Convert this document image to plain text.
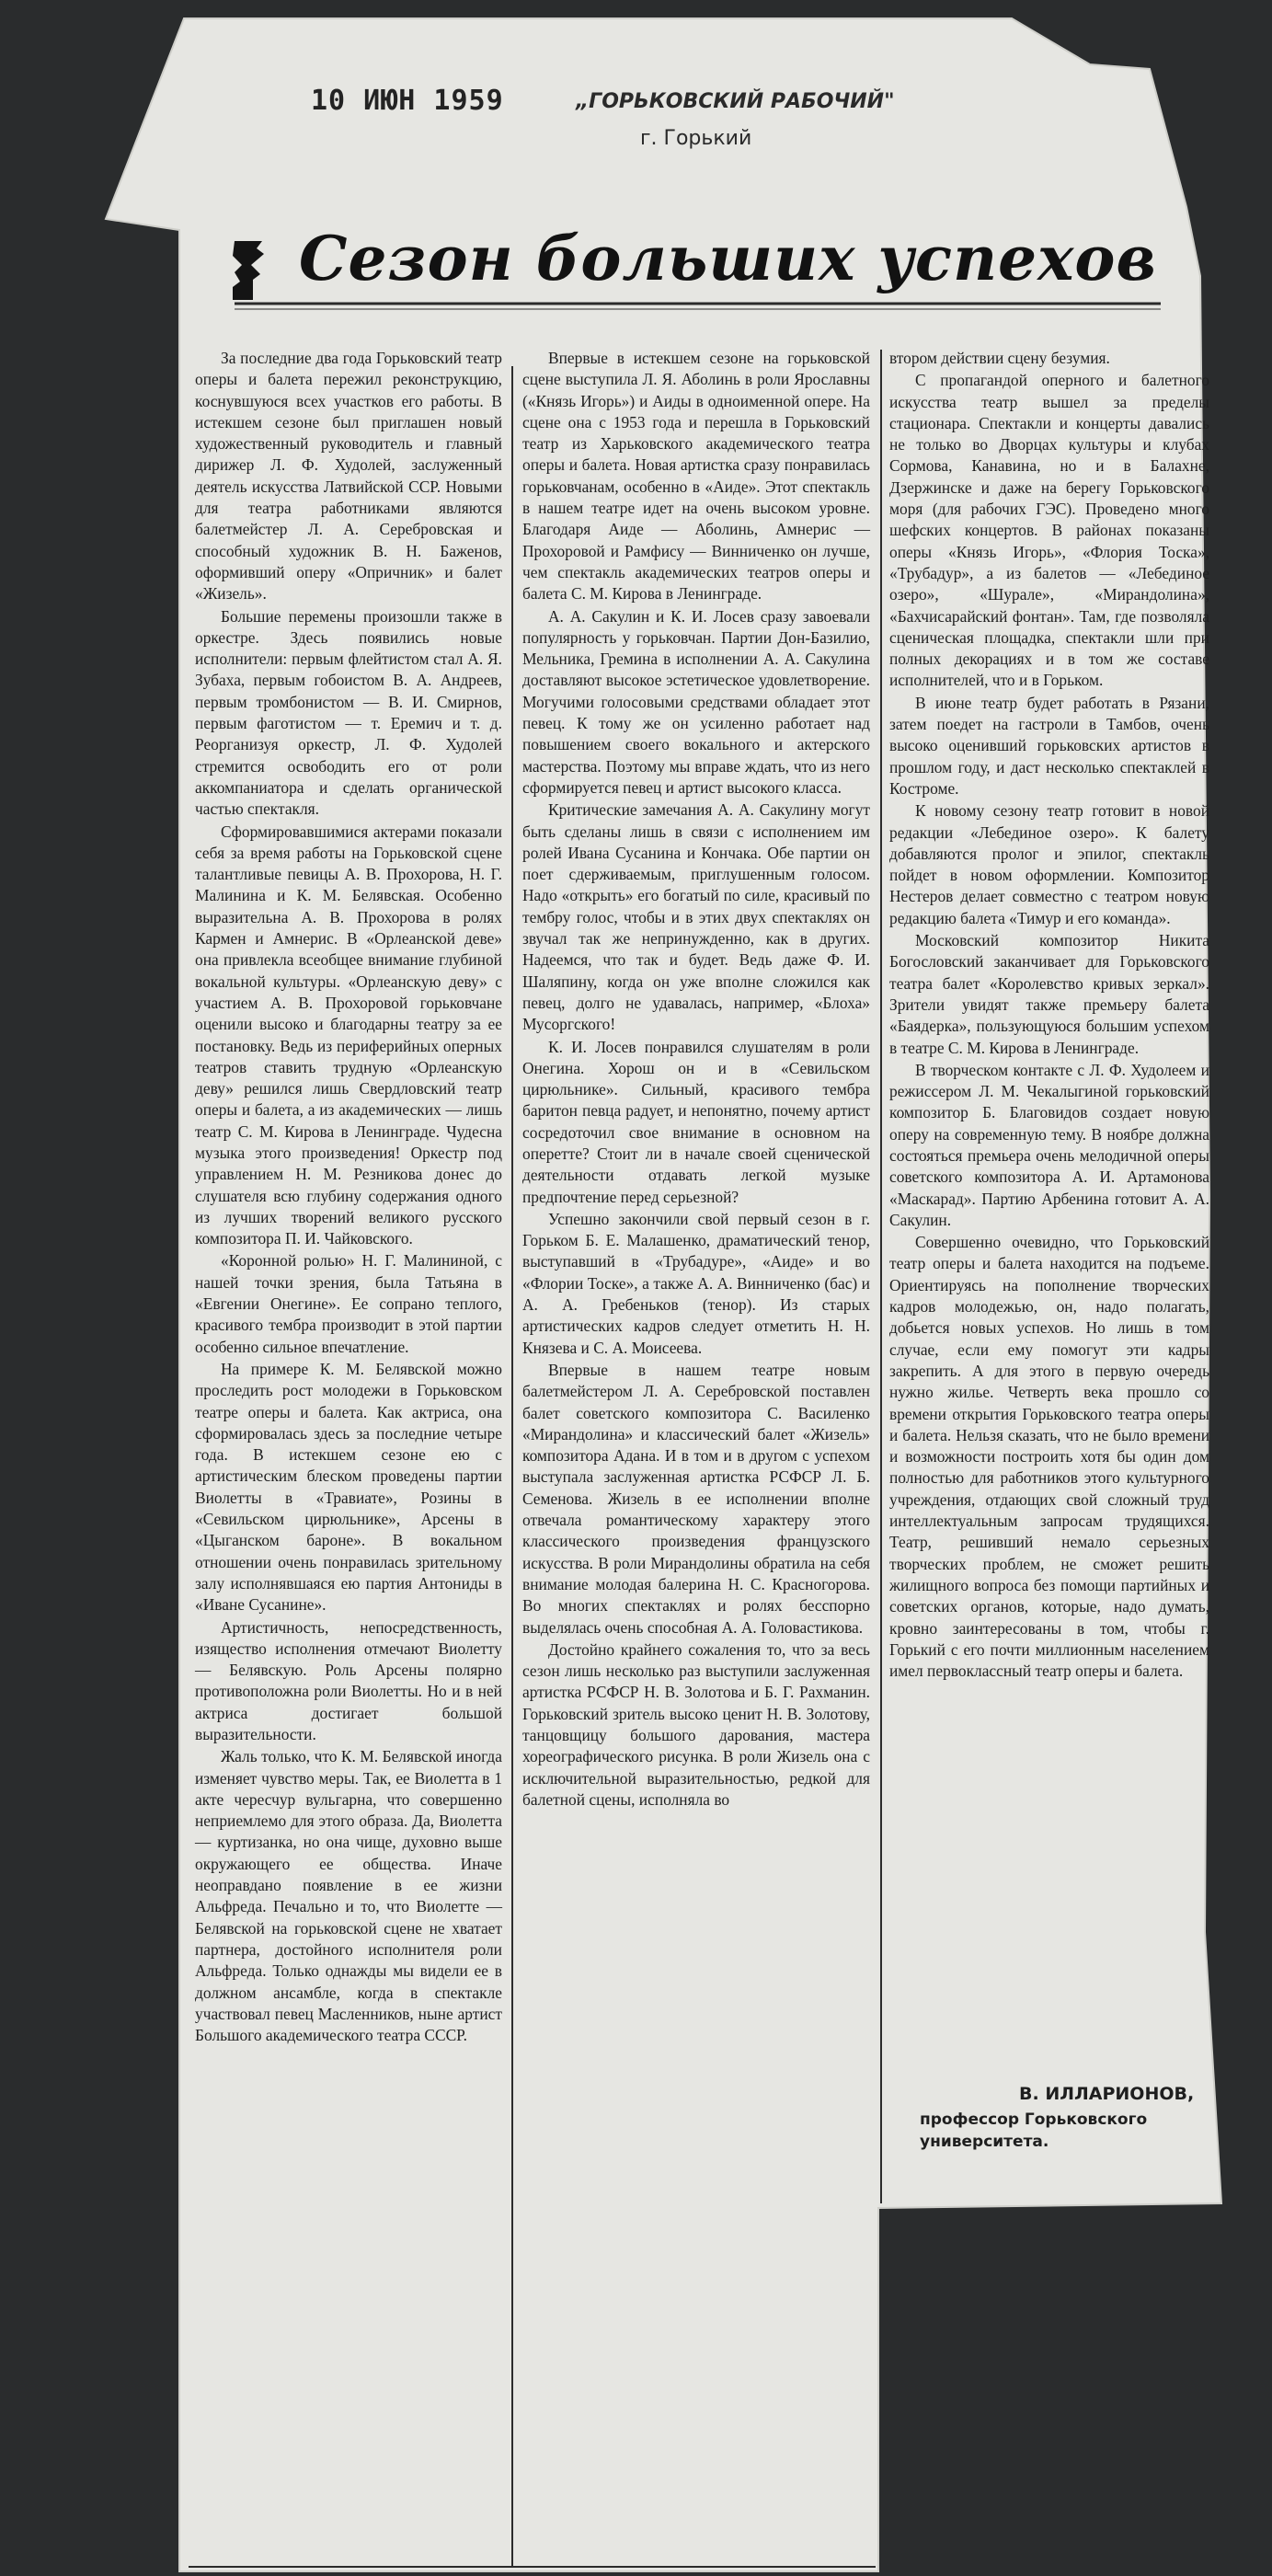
10 ИЮН 1959	„ГОРЬКОВСКИЙ РАБОЧИЙ"
г. Горький
Сезон больших успехов

За последние два года Горьковский театр оперы и балета пережил реконструкцию, коснувшуюся всех участков его работы. В истекшем сезоне был приглашен новый художественный руководитель и главный дирижер Л. Ф. Худолей, заслуженный деятель искусства Латвийской ССР. Новыми для театра работниками являются балетмейстер Л. А. Серебровская и способный художник В. Н. Баженов, оформивший оперу «Опричник» и балет «Жизель».

Большие перемены произошли также в оркестре. Здесь появились новые исполнители: первым флейтистом стал А. Я. Зубаха, первым гобоистом В. А. Андреев, первым тромбонистом — В. И. Смирнов, первым фаготистом — т. Еремич и т. д. Реорганизуя оркестр, Л. Ф. Худолей стремится освободить его от роли аккомпаниатора и сделать органической частью спектакля.

Сформировавшимися актерами показали себя за время работы на Горьковской сцене талантливые певицы А. В. Прохорова, Н. Г. Малинина и К. М. Белявская. Особенно выразительна А. В. Прохорова в ролях Кармен и Амнерис. В «Орлеанской деве» она привлекла всеобщее внимание глубиной вокальной культуры. «Орлеанскую деву» с участием А. В. Прохоровой горьковчане оценили высоко и благодарны театру за ее постановку. Ведь из периферийных оперных театров ставить трудную «Орлеанскую деву» решился лишь Свердловский театр оперы и балета, а из академических — лишь театр С. М. Кирова в Ленинграде. Чудесна музыка этого произведения! Оркестр под управлением Н. М. Резникова донес до слушателя всю глубину содержания одного из лучших творений великого русского композитора П. И. Чайковского.

«Коронной ролью» Н. Г. Малининой, с нашей точки зрения, была Татьяна в «Евгении Онегине». Ее сопрано теплого, красивого тембра производит в этой партии особенно сильное впечатление.

На примере К. М. Белявской можно проследить рост молодежи в Горьковском театре оперы и балета. Как актриса, она сформировалась здесь за последние четыре года. В истекшем сезоне ею с артистическим блеском проведены партии Виолетты в «Травиате», Розины в «Севильском цирюльнике», Арсены в «Цыганском бароне». В вокальном отношении очень понравилась зрительному залу исполнявшаяся ею партия Антониды в «Иване Сусанине».

Артистичность, непосредственность, изящество исполнения отмечают Виолетту — Белявскую. Роль Арсены полярно противоположна роли Виолетты. Но и в ней актриса достигает большой выразительности.

Жаль только, что К. М. Белявской иногда изменяет чувство меры. Так, ее Виолетта в 1 акте чересчур вульгарна, что совершенно неприемлемо для этого образа. Да, Виолетта — куртизанка, но она чище, духовно выше окружающего ее общества. Иначе неоправдано появление в ее жизни Альфреда. Печально и то, что Виолетте — Белявской на горьковской сцене не хватает партнера, достойного исполнителя роли Альфреда. Только однажды мы видели ее в должном ансамбле, когда в спектакле участвовал певец Масленников, ныне артист Большого академического театра СССР.

Впервые в истекшем сезоне на горьковской сцене выступила Л. Я. Аболинь в роли Ярославны («Князь Игорь») и Аиды в одноименной опере. На сцене она с 1953 года и перешла в Горьковский театр из Харьковского академического театра оперы и балета. Новая артистка сразу понравилась горьковчанам, особенно в «Аиде». Этот спектакль в нашем театре идет на очень высоком уровне. Благодаря Аиде — Аболинь, Амнерис — Прохоровой и Рамфису — Винниченко он лучше, чем спектакль академических театров оперы и балета С. М. Кирова в Ленинграде.

А. А. Сакулин и К. И. Лосев сразу завоевали популярность у горьковчан. Партии Дон-Базилио, Мельника, Гремина в исполнении А. А. Сакулина доставляют высокое эстетическое удовлетворение. Могучими голосовыми средствами обладает этот певец. К тому же он усиленно работает над повышением своего вокального и актерского мастерства. Поэтому мы вправе ждать, что из него сформируется певец и артист высокого класса.

Критические замечания А. А. Сакулину могут быть сделаны лишь в связи с исполнением им ролей Ивана Сусанина и Кончака. Обе партии он поет сдерживаемым, приглушенным голосом. Надо «открыть» его богатый по силе, красивый по тембру голос, чтобы и в этих двух спектаклях он звучал так же непринужденно, как в других. Надеемся, что так и будет. Ведь даже Ф. И. Шаляпину, когда он уже вполне сложился как певец, долго не удавалась, например, «Блоха» Мусоргского!

К. И. Лосев понравился слушателям в роли Онегина. Хорош он и в «Севильском цирюльнике». Сильный, красивого тембра баритон певца радует, и непонятно, почему артист сосредоточил свое внимание в основном на оперетте? Стоит ли в начале своей сценической деятельности отдавать легкой музыке предпочтение перед серьезной?

Успешно закончили свой первый сезон в г. Горьком Б. Е. Малашенко, драматический тенор, выступавший в «Трубадуре», «Аиде» и во «Флории Тоске», а также А. А. Винниченко (бас) и А. А. Гребеньков (тенор). Из старых артистических кадров следует отметить Н. Н. Князева и С. А. Моисеева.

Впервые в нашем театре новым балетмейстером Л. А. Серебровской поставлен балет советского композитора С. Василенко «Мирандолина» и классический балет «Жизель» композитора Адана. И в том и в другом с успехом выступала заслуженная артистка РСФСР Л. Б. Семенова. Жизель в ее исполнении вполне отвечала романтическому характеру этого классического произведения французского искусства. В роли Мирандолины обратила на себя внимание молодая балерина Н. С. Красногорова. Во многих спектаклях и ролях бесспорно выделялась очень способная А. А. Головастикова.

Достойно крайнего сожаления то, что за весь сезон лишь несколько раз выступили заслуженная артистка РСФСР Н. В. Золотова и Б. Г. Рахманин. Горьковский зритель высоко ценит Н. В. Золотову, танцовщицу большого дарования, мастера хореографического рисунка. В роли Жизель она с исключительной выразительностью, редкой для балетной сцены, исполняла во

втором действии сцену безумия.

С пропагандой оперного и балетного искусства театр вышел за пределы стационара. Спектакли и концерты давались не только во Дворцах культуры и клубах Сормова, Канавина, но и в Балахне, Дзержинске и даже на берегу Горьковского моря (для рабочих ГЭС). Проведено много шефских концертов. В районах показаны оперы «Князь Игорь», «Флория Тоска», «Трубадур», а из балетов — «Лебединое озеро», «Шурале», «Мирандолина», «Бахчисарайский фонтан». Там, где позволяла сценическая площадка, спектакли шли при полных декорациях и в том же составе исполнителей, что и в Горьком.

В июне театр будет работать в Рязани, затем поедет на гастроли в Тамбов, очень высоко оценивший горьковских артистов в прошлом году, и даст несколько спектаклей в Костроме.

К новому сезону театр готовит в новой редакции «Лебединое озеро». К балету добавляются пролог и эпилог, спектакль пойдет в новом оформлении. Композитор Нестеров делает совместно с театром новую редакцию балета «Тимур и его команда».

Московский композитор Никита Богословский заканчивает для Горьковского театра балет «Королевство кривых зеркал». Зрители увидят также премьеру балета «Баядерка», пользующуюся большим успехом в театре С. М. Кирова в Ленинграде.

В творческом контакте с Л. Ф. Худолеем и режиссером Л. М. Чекалыгиной горьковский композитор Б. Благовидов создает новую оперу на современную тему. В ноябре должна состояться премьера очень мелодичной оперы советского композитора А. И. Артамонова «Маскарад». Партию Арбенина готовит А. А. Сакулин.

Совершенно очевидно, что Горьковский театр оперы и балета находится на подъеме. Ориентируясь на пополнение творческих кадров молодежью, он, надо полагать, добьется новых успехов. Но лишь в том случае, если ему помогут эти кадры закрепить. А для этого в первую очередь нужно жилье. Четверть века прошло со времени открытия Горьковского театра оперы и балета. Нельзя сказать, что не было времени и возможности построить хотя бы один дом полностью для работников этого культурного учреждения, отдающих свой сложный труд интеллектуальным запросам трудящихся. Театр, решивший немало серьезных творческих проблем, не сможет решить жилищного вопроса без помощи партийных и советских органов, которые, надо думать, кровно заинтересованы в том, чтобы г. Горький с его почти миллионным населением имел первоклассный театр оперы и балета.

В. ИЛЛАРИОНОВ,
профессор Горьковского университета.
